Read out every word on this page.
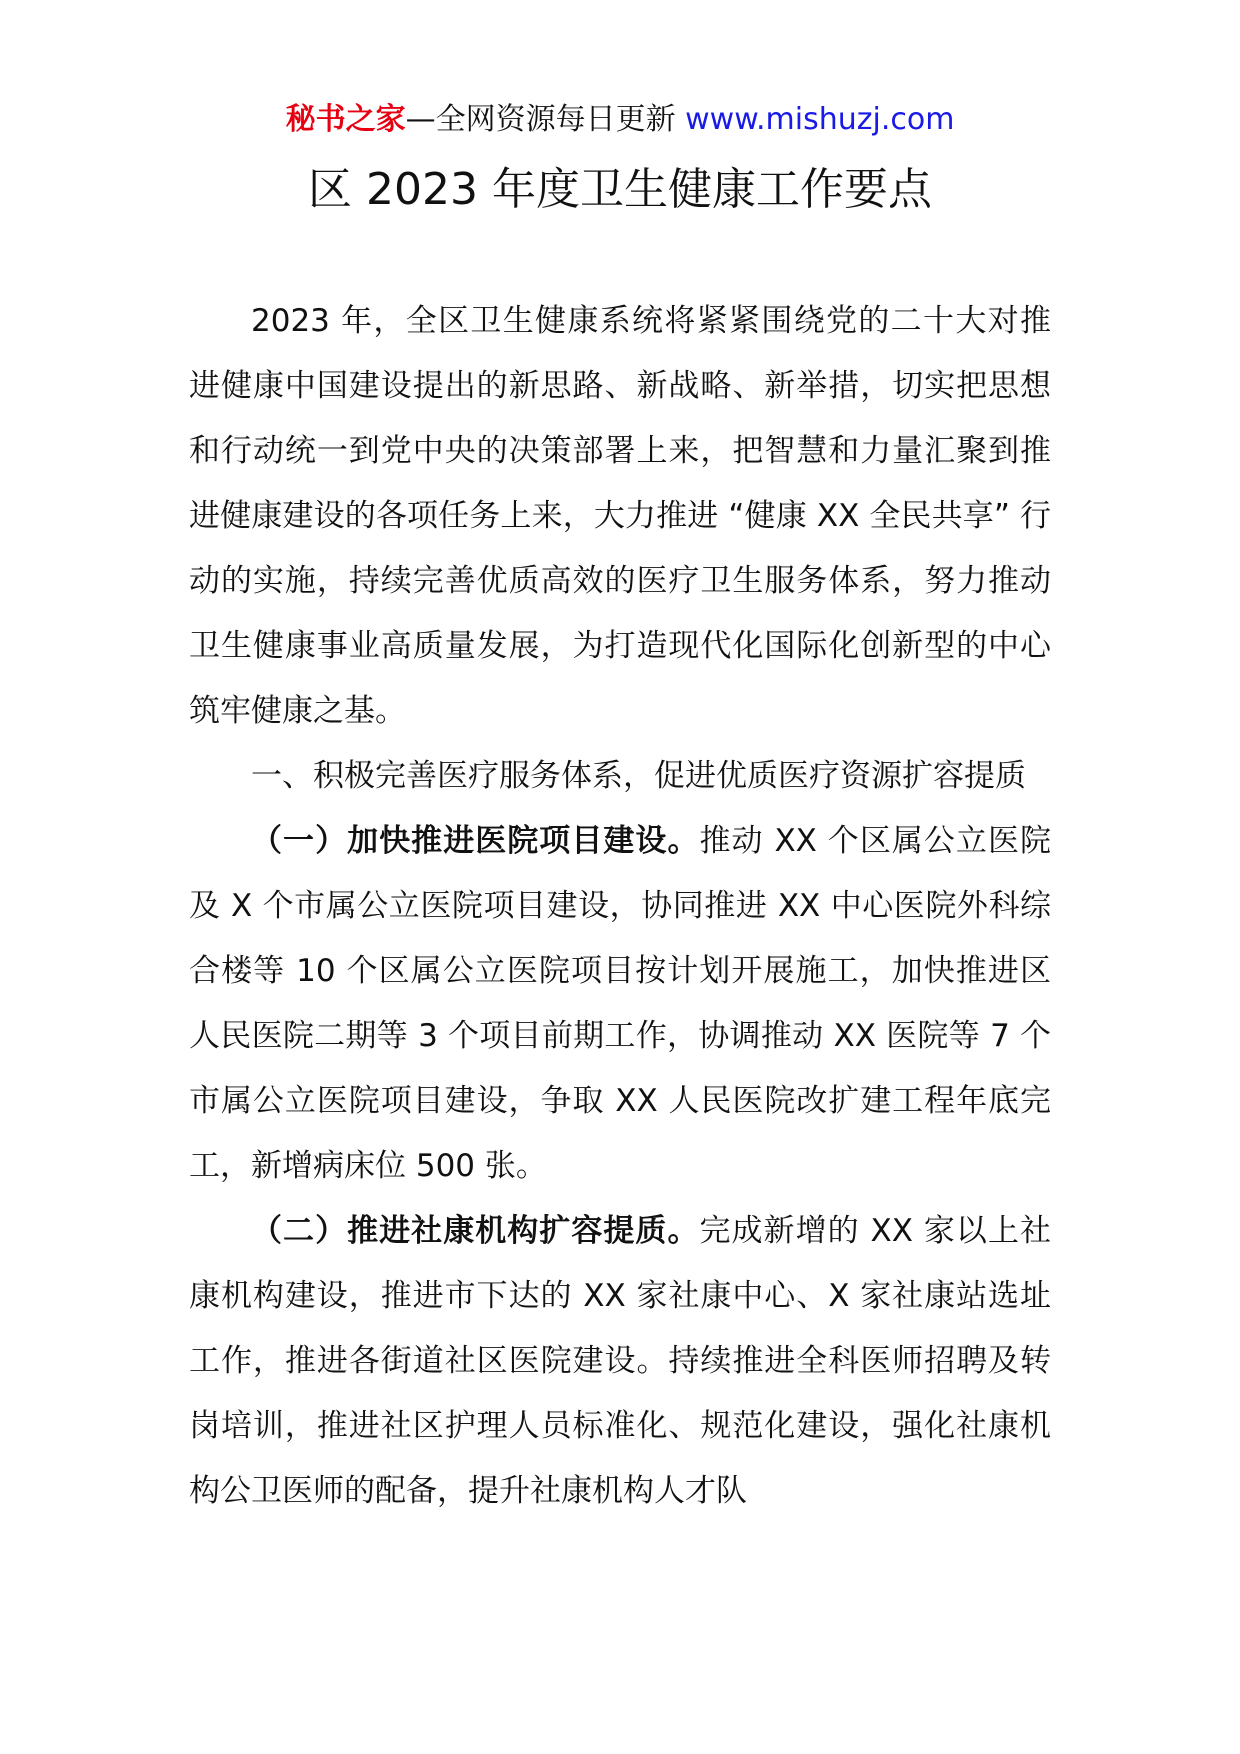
秘书之家—全网资源每日更新 www.mishuzj.com
区 2023 年度卫生健康工作要点

2023 年，全区卫生健康系统将紧紧围绕党的二十大对推进健康中国建设提出的新思路、新战略、新举措，切实把思想和行动统一到党中央的决策部署上来，把智慧和力量汇聚到推进健康建设的各项任务上来，大力推进 “健康 XX 全民共享” 行动的实施，持续完善优质高效的医疗卫生服务体系，努力推动卫生健康事业高质量发展，为打造现代化国际化创新型的中心筑牢健康之基。

一、积极完善医疗服务体系，促进优质医疗资源扩容提质

（一）加快推进医院项目建设。推动 XX 个区属公立医院及 X 个市属公立医院项目建设，协同推进 XX 中心医院外科综合楼等 10 个区属公立医院项目按计划开展施工，加快推进区人民医院二期等 3 个项目前期工作，协调推动 XX 医院等 7 个市属公立医院项目建设，争取 XX 人民医院改扩建工程年底完工，新增病床位 500 张。

（二）推进社康机构扩容提质。完成新增的 XX 家以上社康机构建设，推进市下达的 XX 家社康中心、X 家社康站选址工作，推进各街道社区医院建设。持续推进全科医师招聘及转岗培训，推进社区护理人员标准化、规范化建设，强化社康机构公卫医师的配备，提升社康机构人才队
